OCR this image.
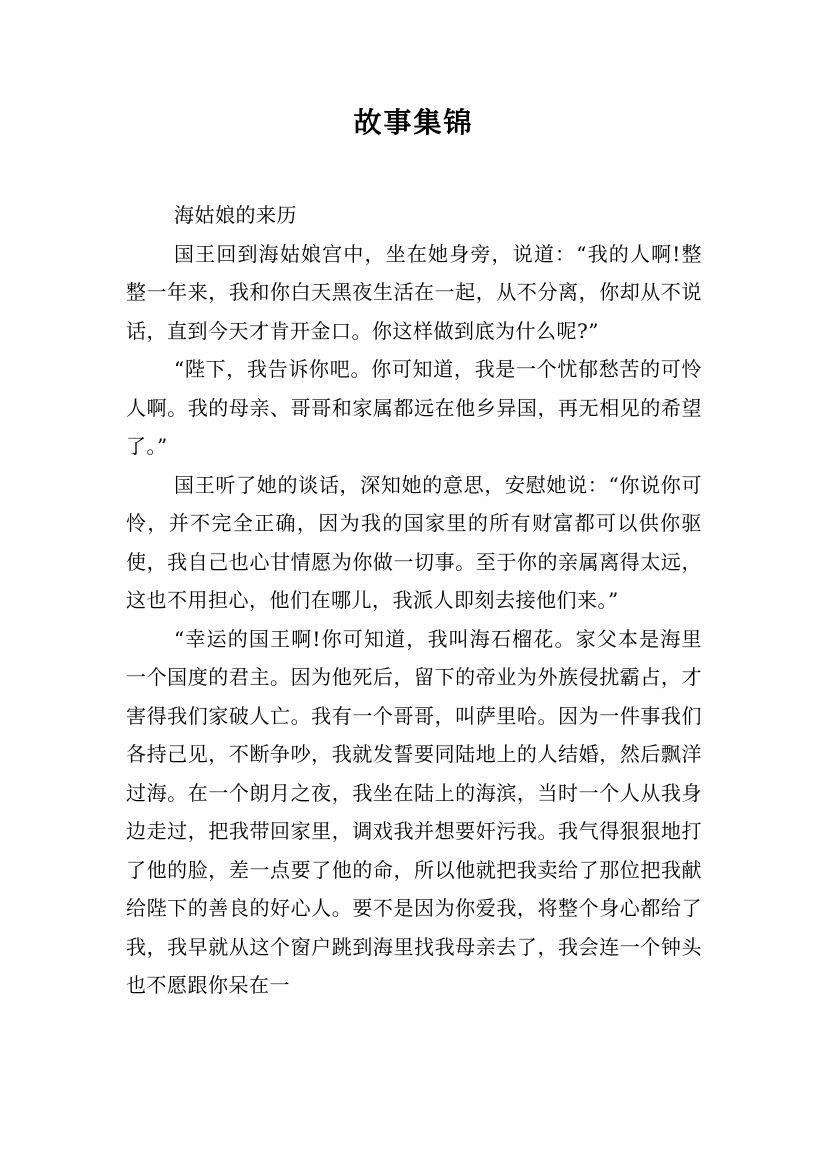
故事集锦

海姑娘的来历

国王回到海姑娘宫中，坐在她身旁，说道：“我的人啊!整整一年来，我和你白天黑夜生活在一起，从不分离，你却从不说话，直到今天才肯开金口。你这样做到底为什么呢?”

“陛下，我告诉你吧。你可知道，我是一个忧郁愁苦的可怜人啊。我的母亲、哥哥和家属都远在他乡异国，再无相见的希望了。”

国王听了她的谈话，深知她的意思，安慰她说：“你说你可怜，并不完全正确，因为我的国家里的所有财富都可以供你驱使，我自己也心甘情愿为你做一切事。至于你的亲属离得太远，这也不用担心，他们在哪儿，我派人即刻去接他们来。”

“幸运的国王啊!你可知道，我叫海石榴花。家父本是海里一个国度的君主。因为他死后，留下的帝业为外族侵扰霸占，才害得我们家破人亡。我有一个哥哥，叫萨里哈。因为一件事我们各持己见，不断争吵，我就发誓要同陆地上的人结婚，然后飘洋过海。在一个朗月之夜，我坐在陆上的海滨，当时一个人从我身边走过，把我带回家里，调戏我并想要奸污我。我气得狠狠地打了他的脸，差一点要了他的命，所以他就把我卖给了那位把我献给陛下的善良的好心人。要不是因为你爱我，将整个身心都给了我，我早就从这个窗户跳到海里找我母亲去了，我会连一个钟头也不愿跟你呆在一
